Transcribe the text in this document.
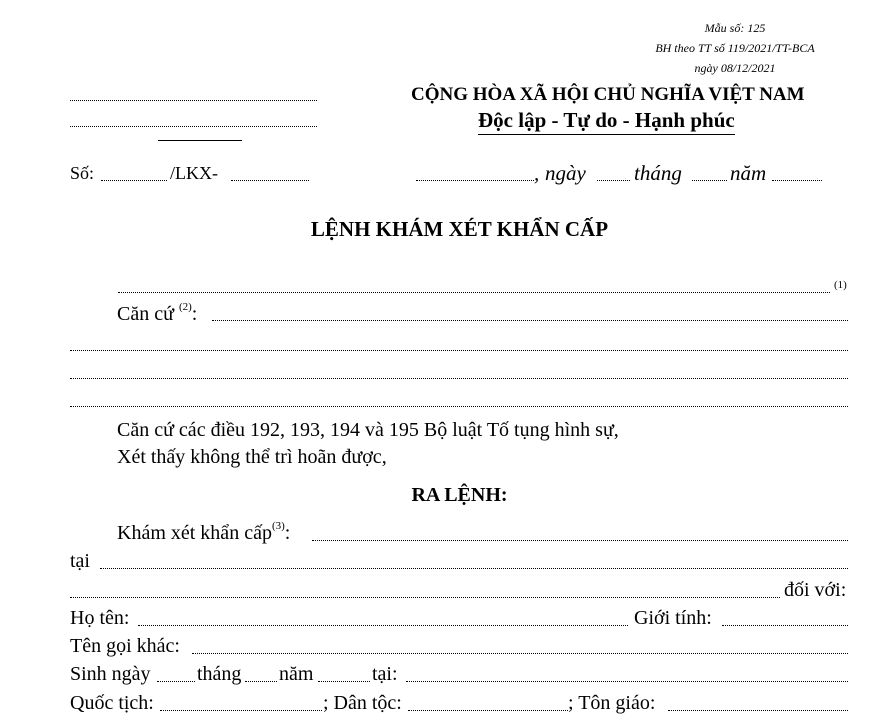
Mẫu số: 125
BH theo TT số 119/2021/TT-BCA
ngày 08/12/2021
CỘNG HÒA XÃ HỘI CHỦ NGHĨA VIỆT NAM
Độc lập - Tự do - Hạnh phúc
Số:	/LKX-	, ngày tháng năm
LỆNH KHÁM XÉT KHẨN CẤP
(1)
Căn cứ $^{(2)}$:
Căn cứ các điều 192, 193, 194 và 195 Bộ luật Tố tụng hình sự,
Xét thấy không thể trì hoãn được,
RA LỆNH:
Khám xét khẩn cấp$^{(3)}$:
tại
đối với:
Họ tên:	Giới tính:
Tên gọi khác:
Sinh ngày tháng năm	tại:
Quốc tịch:	; Dân tộc:	; Tôn giáo:
